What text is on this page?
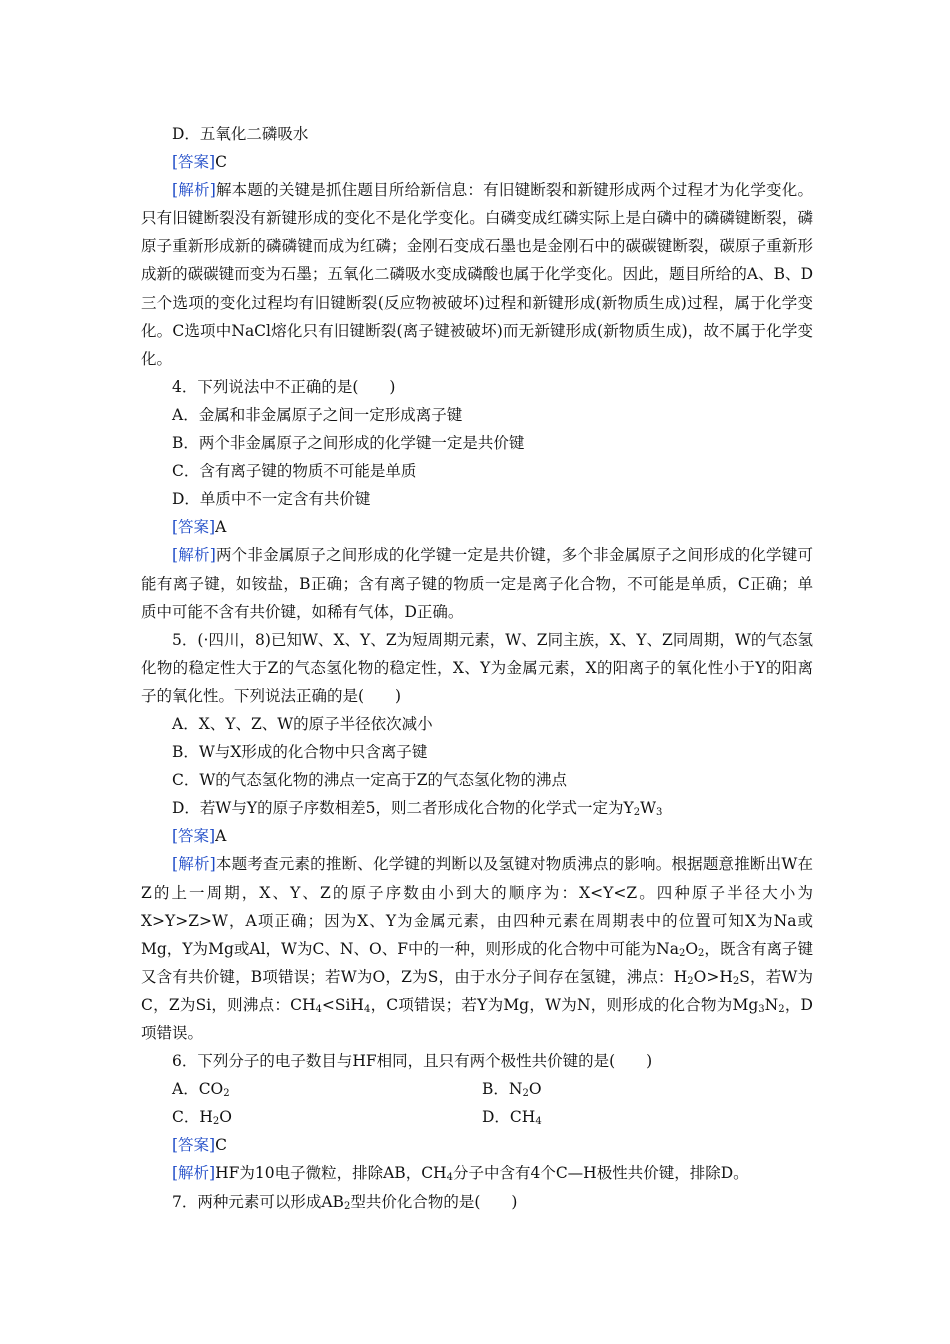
D．五氧化二磷吸水

[答案]C

[解析]解本题的关键是抓住题目所给新信息：有旧键断裂和新键形成两个过程才为化学变化。只有旧键断裂没有新键形成的变化不是化学变化。白磷变成红磷实际上是白磷中的磷磷键断裂，磷原子重新形成新的磷磷键而成为红磷；金刚石变成石墨也是金刚石中的碳碳键断裂，碳原子重新形成新的碳碳键而变为石墨；五氧化二磷吸水变成磷酸也属于化学变化。因此，题目所给的A、B、D三个选项的变化过程均有旧键断裂(反应物被破坏)过程和新键形成(新物质生成)过程，属于化学变化。C选项中NaCl熔化只有旧键断裂(离子键被破坏)而无新键形成(新物质生成)，故不属于化学变化。

4．下列说法中不正确的是(　　)

A．金属和非金属原子之间一定形成离子键

B．两个非金属原子之间形成的化学键一定是共价键

C．含有离子键的物质不可能是单质

D．单质中不一定含有共价键

[答案]A

[解析]两个非金属原子之间形成的化学键一定是共价键，多个非金属原子之间形成的化学键可能有离子键，如铵盐，B正确；含有离子键的物质一定是离子化合物，不可能是单质，C正确；单质中可能不含有共价键，如稀有气体，D正确。

5．(·四川，8)已知W、X、Y、Z为短周期元素，W、Z同主族，X、Y、Z同周期，W的气态氢化物的稳定性大于Z的气态氢化物的稳定性，X、Y为金属元素，X的阳离子的氧化性小于Y的阳离子的氧化性。下列说法正确的是(　　)

A．X、Y、Z、W的原子半径依次减小

B．W与X形成的化合物中只含离子键

C．W的气态氢化物的沸点一定高于Z的气态氢化物的沸点

D．若W与Y的原子序数相差5，则二者形成化合物的化学式一定为$Y_2W_3$

[答案]A

[解析]本题考查元素的推断、化学键的判断以及氢键对物质沸点的影响。根据题意推断出W在Z的上一周期，X、Y、Z的原子序数由小到大的顺序为：X<Y<Z。四种原子半径大小为X>Y>Z>W，A项正确；因为X、Y为金属元素，由四种元素在周期表中的位置可知X为Na或Mg，Y为Mg或Al，W为C、N、O、F中的一种，则形成的化合物中可能为$Na_2O_2$，既含有离子键又含有共价键，B项错误；若W为O，Z为S，由于水分子间存在氢键，沸点：$H_2O>H_2S$，若W为C，Z为Si，则沸点：$CH_4<SiH_4$，C项错误；若Y为Mg，W为N，则形成的化合物为$Mg_3N_2$，D项错误。

6．下列分子的电子数目与HF相同，且只有两个极性共价键的是(　　)

A．$CO_2$	B．$N_2O$
C．$H_2O$	D．$CH_4$

[答案]C

[解析]HF为10电子微粒，排除AB，$CH_4$分子中含有4个C—H极性共价键，排除D。

7．两种元素可以形成$AB_2$型共价化合物的是(　　)
